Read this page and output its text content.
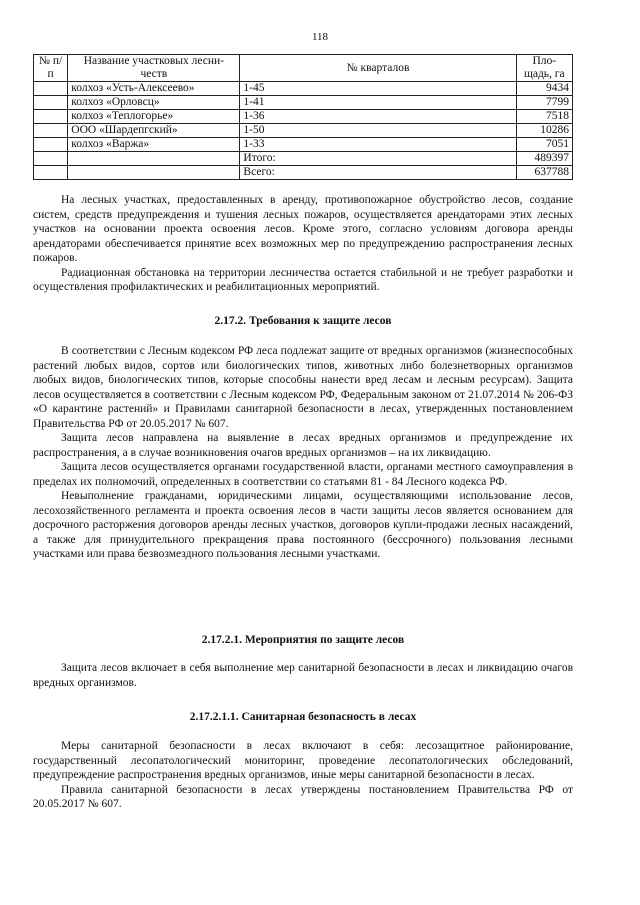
118
№ п/п	Название участковых лесни-честв	№ кварталов	Пло-щадь, га
	колхоз «Усть-Алексеево»	1-45	9434
	колхоз «Орловсц»	1-41	7799
	колхоз «Теплогорье»	1-36	7518
	ООО «Шардепгский»	1-50	10286
	колхоз «Варжа»	1-33	7051
		Итого:	489397
		Всего:	637788

На лесных участках, предоставленных в аренду, противопожарное обустройство лесов, создание систем, средств предупреждения и тушения лесных пожаров, осуществляется арендаторами этих лесных участков на основании проекта освоения лесов. Кроме этого, согласно условиям договора аренды арендаторами обеспечивается принятие всех возможных мер по предупреждению распространения лесных пожаров.

Радиационная обстановка на территории лесничества остается стабильной и не требует разработки и осуществления профилактических и реабилитационных мероприятий.

2.17.2. Требования к защите лесов

В соответствии с Лесным кодексом РФ леса подлежат защите от вредных организмов (жизнеспособных растений любых видов, сортов или биологических типов, животных либо болезнетворных организмов любых видов, биологических типов, которые способны нанести вред лесам и лесным ресурсам). Защита лесов осуществляется в соответствии с Лесным кодексом РФ, Федеральным законом от 21.07.2014 № 206-ФЗ «О карантине растений» и Правилами санитарной безопасности в лесах, утвержденных постановлением Правительства РФ от 20.05.2017 № 607.

Защита лесов направлена на выявление в лесах вредных организмов и предупреждение их распространения, а в случае возникновения очагов вредных организмов – на их ликвидацию.

Защита лесов осуществляется органами государственной власти, органами местного самоуправления в пределах их полномочий, определенных в соответствии со статьями 81 - 84 Лесного кодекса РФ.

Невыполнение гражданами, юридическими лицами, осуществляющими использование лесов, лесохозяйственного регламента и проекта освоения лесов в части защиты лесов является основанием для досрочного расторжения договоров аренды лесных участков, договоров купли-продажи лесных насаждений, а также для принудительного прекращения права постоянного (бессрочного) пользования лесными участками или права безвозмездного пользования лесными участками.

2.17.2.1. Мероприятия по защите лесов

Защита лесов включает в себя выполнение мер санитарной безопасности в лесах и ликвидацию очагов вредных организмов.

2.17.2.1.1. Санитарная безопасность в лесах

Меры санитарной безопасности в лесах включают в себя: лесозащитное районирование, государственный лесопатологический мониторинг, проведение лесопатологических обследований, предупреждение распространения вредных организмов, иные меры санитарной безопасности в лесах.

Правила санитарной безопасности в лесах утверждены постановлением Правительства РФ от 20.05.2017 № 607.
